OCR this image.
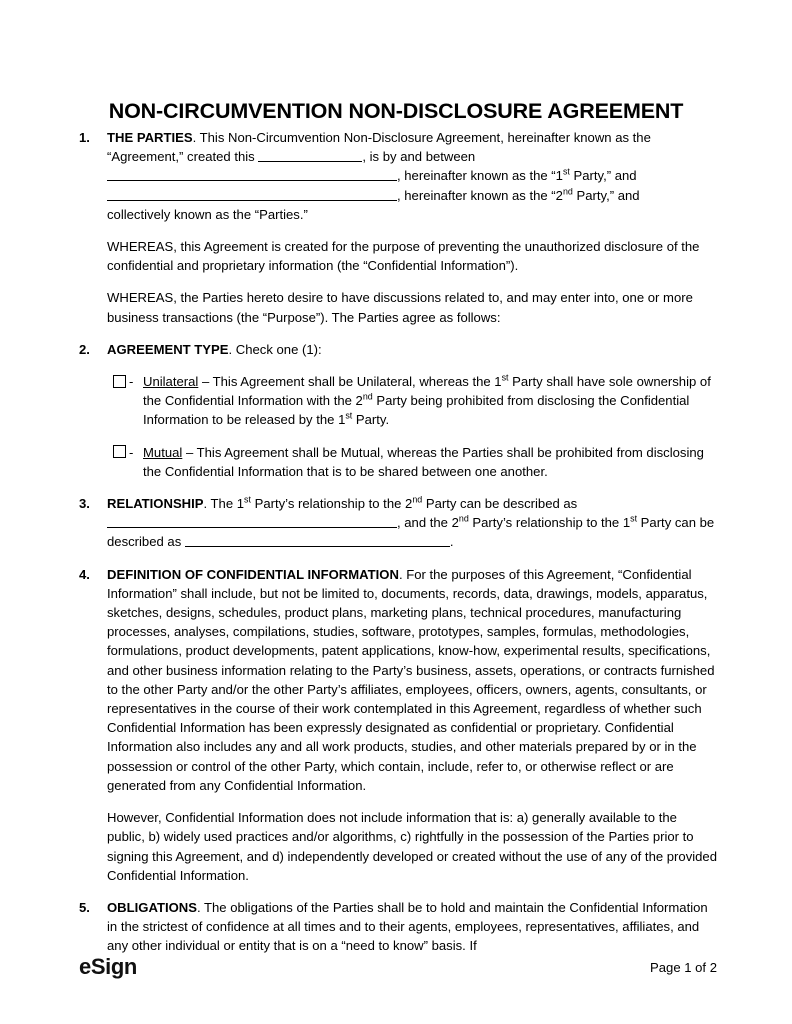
NON-CIRCUMVENTION NON-DISCLOSURE AGREEMENT
1. THE PARTIES. This Non-Circumvention Non-Disclosure Agreement, hereinafter known as the “Agreement,” created this	, is by and between
, hereinafter known as the “1st Party,” and
, hereinafter known as the “2nd Party,” and
collectively known as the “Parties.”

WHEREAS, this Agreement is created for the purpose of preventing the unauthorized disclosure of the confidential and proprietary information (the “Confidential Information”).

WHEREAS, the Parties hereto desire to have discussions related to, and may enter into, one or more business transactions (the “Purpose”). The Parties agree as follows:

2. AGREEMENT TYPE. Check one (1):

- Unilateral – This Agreement shall be Unilateral, whereas the 1st Party shall have sole ownership of the Confidential Information with the 2nd Party being prohibited from disclosing the Confidential Information to be released by the 1st Party.

- Mutual – This Agreement shall be Mutual, whereas the Parties shall be prohibited from disclosing the Confidential Information that is to be shared between one another.

3. RELATIONSHIP. The 1st Party’s relationship to the 2nd Party can be described as
, and the 2nd Party’s relationship to the 1st Party can be described as	.

4. DEFINITION OF CONFIDENTIAL INFORMATION. For the purposes of this Agreement, “Confidential Information” shall include, but not be limited to, documents, records, data, drawings, models, apparatus, sketches, designs, schedules, product plans, marketing plans, technical procedures, manufacturing processes, analyses, compilations, studies, software, prototypes, samples, formulas, methodologies, formulations, product developments, patent applications, know-how, experimental results, specifications, and other business information relating to the Party’s business, assets, operations, or contracts furnished to the other Party and/or the other Party’s affiliates, employees, officers, owners, agents, consultants, or representatives in the course of their work contemplated in this Agreement, regardless of whether such Confidential Information has been expressly designated as confidential or proprietary. Confidential Information also includes any and all work products, studies, and other materials prepared by or in the possession or control of the other Party, which contain, include, refer to, or otherwise reflect or are generated from any Confidential Information.

However, Confidential Information does not include information that is: a) generally available to the public, b) widely used practices and/or algorithms, c) rightfully in the possession of the Parties prior to signing this Agreement, and d) independently developed or created without the use of any of the provided Confidential Information.

5. OBLIGATIONS. The obligations of the Parties shall be to hold and maintain the Confidential Information in the strictest of confidence at all times and to their agents, employees, representatives, affiliates, and any other individual or entity that is on a “need to know” basis. If

eSign	Page 1 of 2
